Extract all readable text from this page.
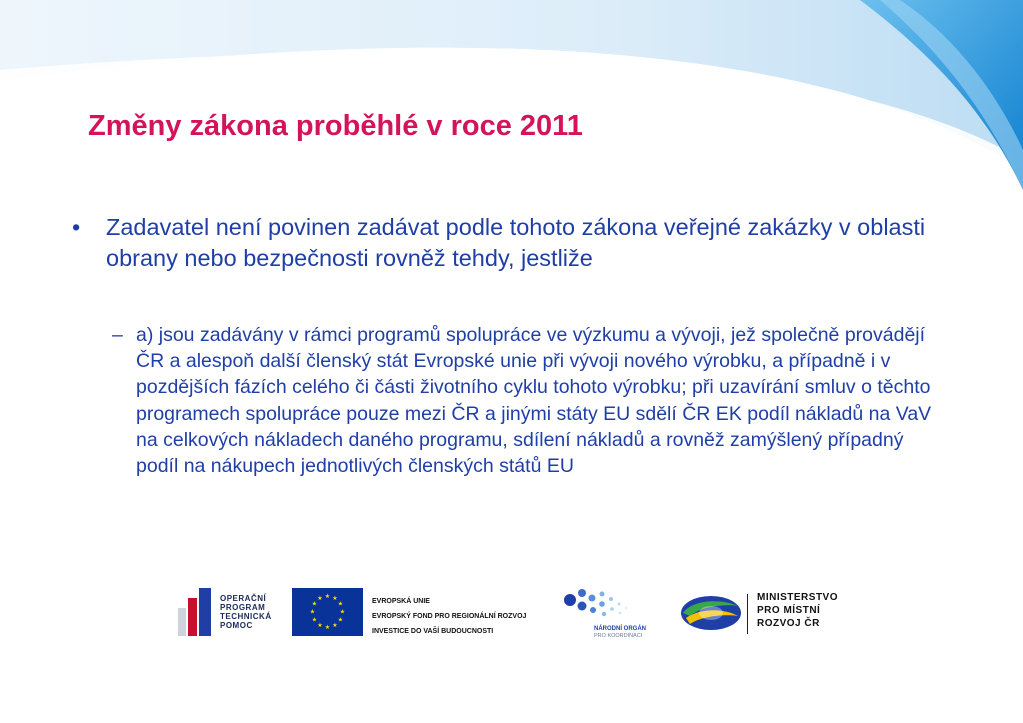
Změny zákona proběhlé v roce 2011
• Zadavatel není povinen zadávat podle tohoto zákona veřejné zakázky v oblasti obrany nebo bezpečnosti rovněž tehdy, jestliže
– a) jsou zadávány v rámci programů spolupráce ve výzkumu a vývoji, jež společně provádějí ČR a alespoň další členský stát Evropské unie při vývoji nového výrobku, a případně i v pozdějších fázích celého či části životního cyklu tohoto výrobku; při uzavírání smluv o těchto programech spolupráce pouze mezi ČR a jinými státy EU sdělí ČR EK podíl nákladů na VaV na celkových nákladech daného programu, sdílení nákladů a rovněž zamýšlený případný podíl na nákupech jednotlivých členských států EU
OPERAČNÍ
PROGRAM
TECHNICKÁ
POMOC
★ ★
★
★
★
★
★
★
★
★
★
★	EVROPSKÁ UNIE
EVROPSKÝ FOND PRO REGIONÁLNÍ ROZVOJ
INVESTICE DO VAŠÍ BUDOUCNOSTI	NÁRODNÍ ORGÁN
PRO KOORDINACI
MINISTERSTVO
PRO MÍSTNÍ
ROZVOJ ČR
